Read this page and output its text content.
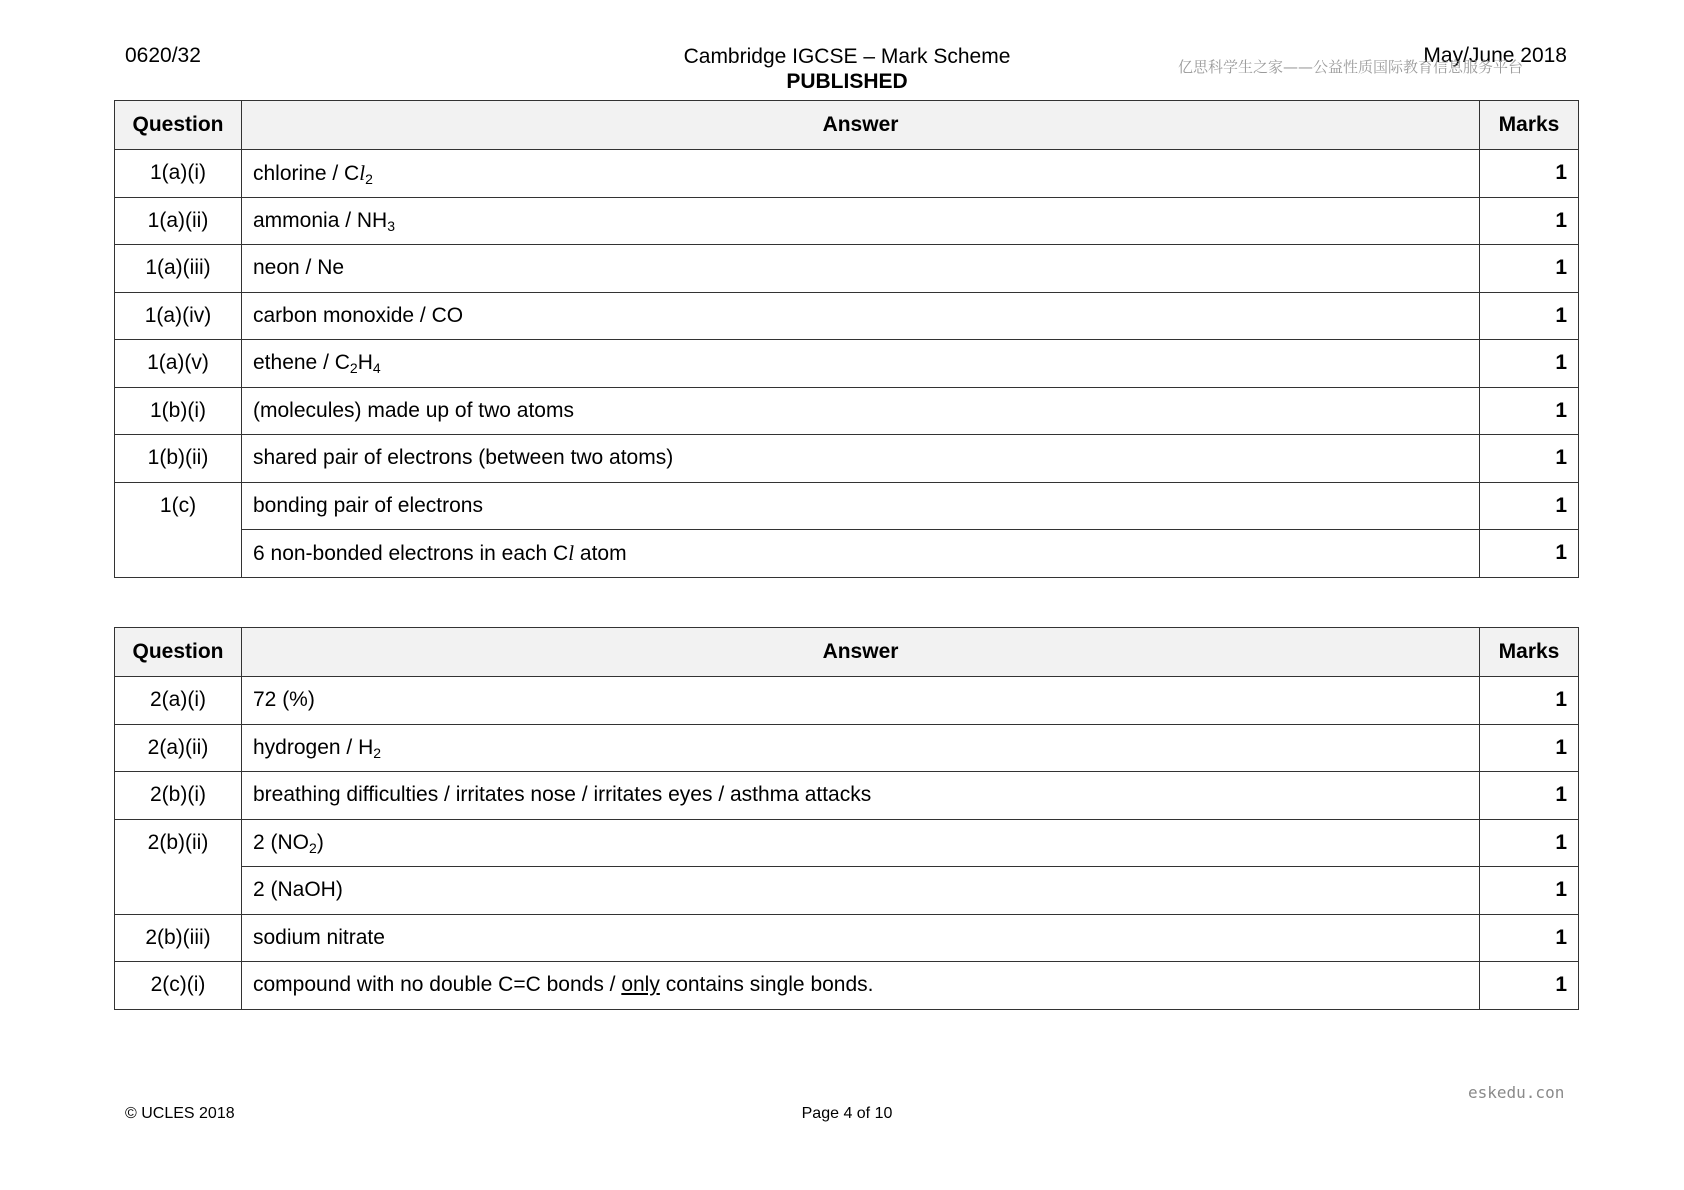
0620/32	Cambridge IGCSE – Mark Scheme
PUBLISHED
May/June 2018
亿思科学生之家——公益性质国际教育信息服务平台
Question	Answer	Marks
1(a)(i)	chlorine / $Cl_2$	1
1(a)(ii)	ammonia / $NH_3$	1
1(a)(iii)	neon / Ne	1
1(a)(iv)	carbon monoxide / CO	1
1(a)(v)	ethene / $C_2H_4$	1
1(b)(i)	(molecules) made up of two atoms	1
1(b)(ii)	shared pair of electrons (between two atoms)	1
1(c)	bonding pair of electrons	1
	6 non-bonded electrons in each Cl atom	1
Question	Answer	Marks
2(a)(i)	72 (%)	1
2(a)(ii)	hydrogen / $H_2$	1
2(b)(i)	breathing difficulties / irritates nose / irritates eyes / asthma attacks	1
2(b)(ii)	2 $(NO_2)$	1
	2 (NaOH)	1
2(b)(iii)	sodium nitrate	1
2(c)(i)	compound with no double C=C bonds / only contains single bonds.	1
eskedu.con
© UCLES 2018	Page 4 of 10
